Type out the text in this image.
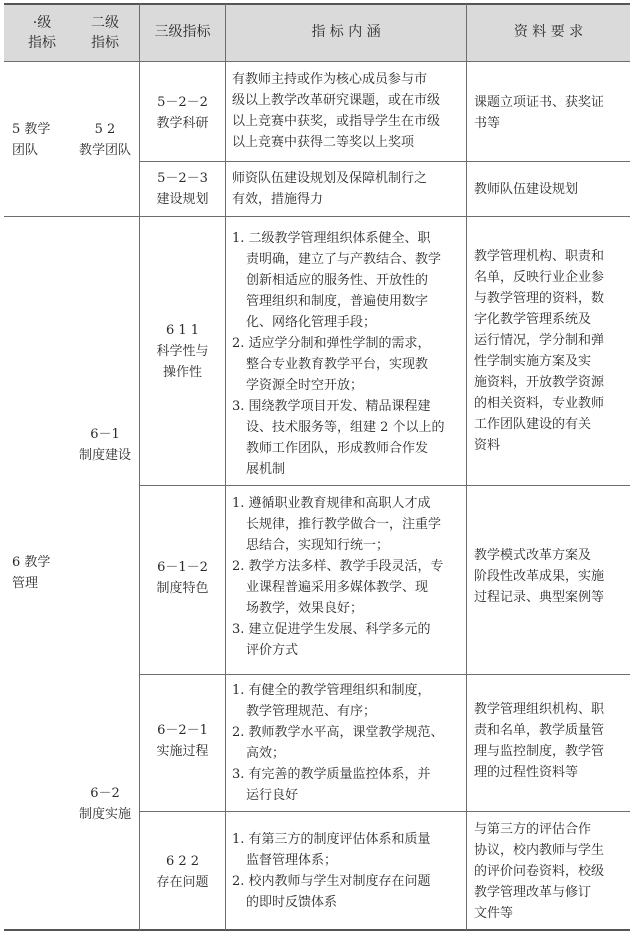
·级
指标
二级
指标
三级指标	指 标 内 涵	资 料 要 求
5 教学
团队
5 2
教学团队
5－2－2
教学科研
有教师主持或作为核心成员参与市
级以上教学改革研究课题，或在市级
以上竞赛中获奖，或指导学生在市级
以上竞赛中获得二等奖以上奖项
课题立项证书、获奖证
书等
5－2－3
建设规划
师资队伍建设规划及保障机制行之
有效，措施得力
教师队伍建设规划
6 教学
管理
6－1
制度建设
6 1 1
科学性与
操作性
1. 二级教学管理组织体系健全、职
责明确，建立了与产教结合、教学
创新相适应的服务性、开放性的
管理组织和制度，普遍使用数字
化、网络化管理手段；
2. 适应学分制和弹性学制的需求，
整合专业教育教学平台，实现教
学资源全时空开放；
3. 围绕教学项目开发、精品课程建
设、技术服务等，组建 2 个以上的
教师工作团队，形成教师合作发
展机制
教学管理机构、职责和
名单，反映行业企业参
与教学管理的资料，数
字化教学管理系统及
运行情况，学分制和弹
性学制实施方案及实
施资料，开放教学资源
的相关资料，专业教师
工作团队建设的有关
资料
6－1－2
制度特色
1. 遵循职业教育规律和高职人才成
长规律，推行教学做合一，注重学
思结合，实现知行统一；
2. 教学方法多样、教学手段灵活，专
业课程普遍采用多媒体教学、现
场教学，效果良好；
3. 建立促进学生发展、科学多元的
评价方式
教学模式改革方案及
阶段性改革成果，实施
过程记录、典型案例等
6－2
制度实施
6－2－1
实施过程
1. 有健全的教学管理组织和制度，
教学管理规范、有序；
2. 教师教学水平高，课堂教学规范、
高效；
3. 有完善的教学质量监控体系，并
运行良好
教学管理组织机构、职
责和名单，教学质量管
理与监控制度，教学管
理的过程性资料等
6 2 2
存在问题
1. 有第三方的制度评估体系和质量
监督管理体系；
2. 校内教师与学生对制度存在问题
的即时反馈体系
与第三方的评估合作
协议，校内教师与学生
的评价问卷资料，校级
教学管理改革与修订
文件等
